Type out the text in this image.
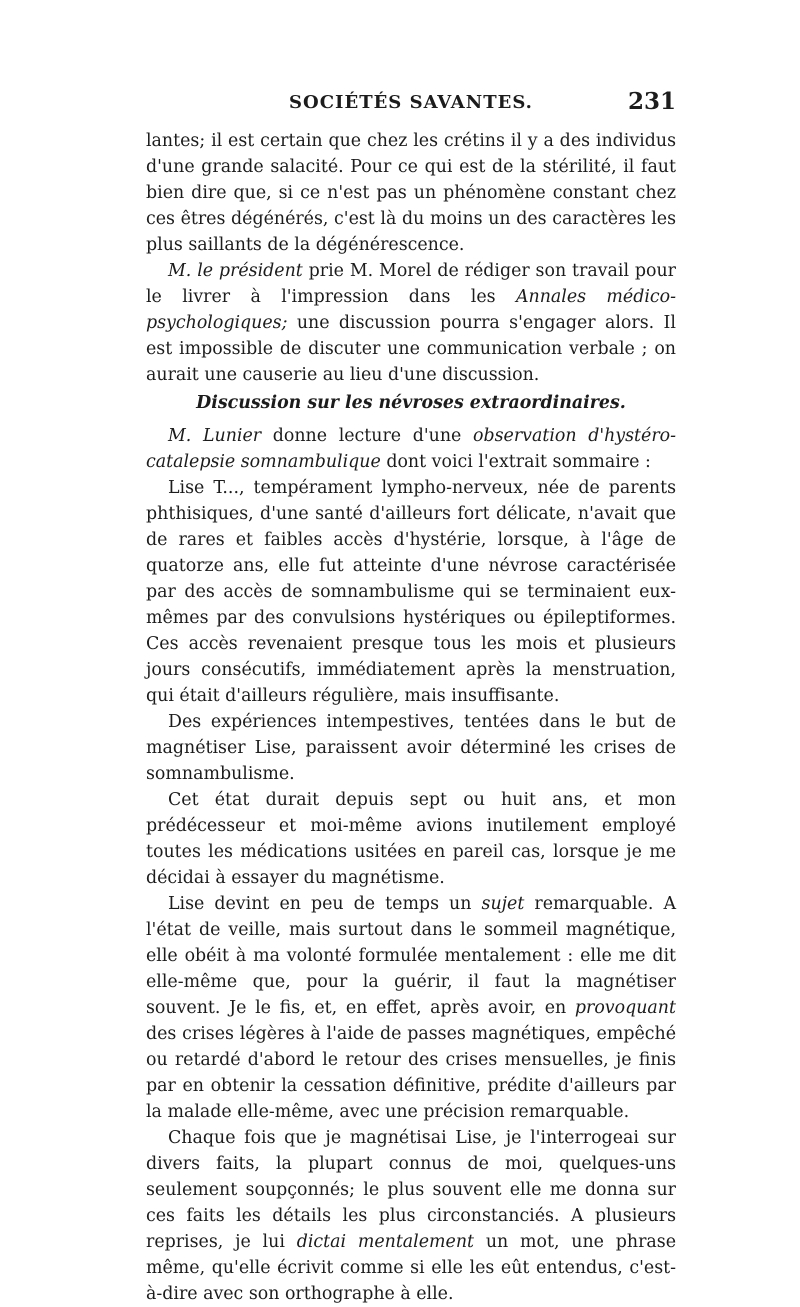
SOCIÉTÉS SAVANTES.	231

lantes; il est certain que chez les crétins il y a des individus d'une grande salacité. Pour ce qui est de la stérilité, il faut bien dire que, si ce n'est pas un phénomène constant chez ces êtres dégénérés, c'est là du moins un des caractères les plus saillants de la dégénérescence.

M. le président prie M. Morel de rédiger son travail pour le livrer à l'impression dans les Annales médico-psychologiques; une discussion pourra s'engager alors. Il est impossible de discuter une communication verbale ; on aurait une causerie au lieu d'une discussion.

Discussion sur les névroses extraordinaires.

M. Lunier donne lecture d'une observation d'hystéro-catalepsie somnambulique dont voici l'extrait sommaire :

Lise T..., tempérament lympho-nerveux, née de parents phthisiques, d'une santé d'ailleurs fort délicate, n'avait que de rares et faibles accès d'hystérie, lorsque, à l'âge de quatorze ans, elle fut atteinte d'une névrose caractérisée par des accès de somnambulisme qui se terminaient eux-mêmes par des convulsions hystériques ou épileptiformes. Ces accès revenaient presque tous les mois et plusieurs jours consécutifs, immédiatement après la menstruation, qui était d'ailleurs régulière, mais insuffisante.

Des expériences intempestives, tentées dans le but de magnétiser Lise, paraissent avoir déterminé les crises de somnambulisme.

Cet état durait depuis sept ou huit ans, et mon prédécesseur et moi-même avions inutilement employé toutes les médications usitées en pareil cas, lorsque je me décidai à essayer du magnétisme.

Lise devint en peu de temps un sujet remarquable. A l'état de veille, mais surtout dans le sommeil magnétique, elle obéit à ma volonté formulée mentalement : elle me dit elle-même que, pour la guérir, il faut la magnétiser souvent. Je le fis, et, en effet, après avoir, en provoquant des crises légères à l'aide de passes magnétiques, empêché ou retardé d'abord le retour des crises mensuelles, je finis par en obtenir la cessation définitive, prédite d'ailleurs par la malade elle-même, avec une précision remarquable.

Chaque fois que je magnétisai Lise, je l'interrogeai sur divers faits, la plupart connus de moi, quelques-uns seulement soupçonnés; le plus souvent elle me donna sur ces faits les détails les plus circonstanciés. A plusieurs reprises, je lui dictai mentalement un mot, une phrase même, qu'elle écrivit comme si elle les eût entendus, c'est-à-dire avec son orthographe à elle.
